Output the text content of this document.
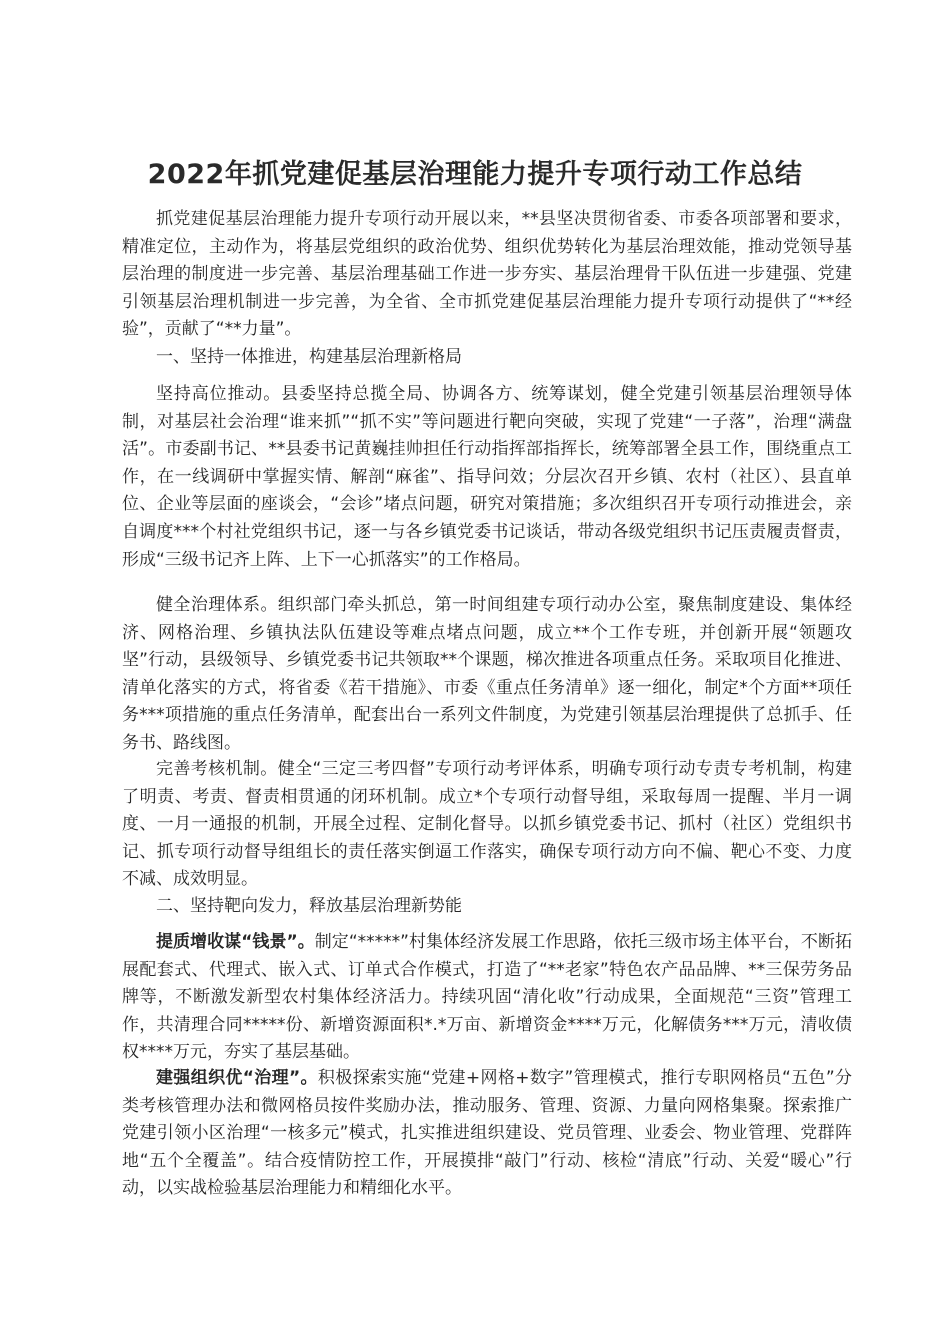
2022年抓党建促基层治理能力提升专项行动工作总结

抓党建促基层治理能力提升专项行动开展以来，**县坚决贯彻省委、市委各项部署和要求，精准定位，主动作为，将基层党组织的政治优势、组织优势转化为基层治理效能，推动党领导基层治理的制度进一步完善、基层治理基础工作进一步夯实、基层治理骨干队伍进一步建强、党建引领基层治理机制进一步完善，为全省、全市抓党建促基层治理能力提升专项行动提供了“**经验”，贡献了“**力量”。

一、坚持一体推进，构建基层治理新格局

坚持高位推动。县委坚持总揽全局、协调各方、统筹谋划，健全党建引领基层治理领导体制，对基层社会治理“谁来抓”“抓不实”等问题进行靶向突破，实现了党建“一子落”，治理“满盘活”。市委副书记、**县委书记黄巍挂帅担任行动指挥部指挥长，统筹部署全县工作，围绕重点工作，在一线调研中掌握实情、解剖“麻雀”、指导问效；分层次召开乡镇、农村（社区）、县直单位、企业等层面的座谈会，“会诊”堵点问题，研究对策措施；多次组织召开专项行动推进会，亲自调度***个村社党组织书记，逐一与各乡镇党委书记谈话，带动各级党组织书记压责履责督责，形成“三级书记齐上阵、上下一心抓落实”的工作格局。

健全治理体系。组织部门牵头抓总，第一时间组建专项行动办公室，聚焦制度建设、集体经济、网格治理、乡镇执法队伍建设等难点堵点问题，成立**个工作专班，并创新开展“领题攻坚”行动，县级领导、乡镇党委书记共领取**个课题，梯次推进各项重点任务。采取项目化推进、清单化落实的方式，将省委《若干措施》、市委《重点任务清单》逐一细化，制定*个方面**项任务***项措施的重点任务清单，配套出台一系列文件制度，为党建引领基层治理提供了总抓手、任务书、路线图。

完善考核机制。健全“三定三考四督”专项行动考评体系，明确专项行动专责专考机制，构建了明责、考责、督责相贯通的闭环机制。成立*个专项行动督导组，采取每周一提醒、半月一调度、一月一通报的机制，开展全过程、定制化督导。以抓乡镇党委书记、抓村（社区）党组织书记、抓专项行动督导组组长的责任落实倒逼工作落实，确保专项行动方向不偏、靶心不变、力度不减、成效明显。

二、坚持靶向发力，释放基层治理新势能

提质增收谋“钱景”。制定“*****”村集体经济发展工作思路，依托三级市场主体平台，不断拓展配套式、代理式、嵌入式、订单式合作模式，打造了“**老家”特色农产品品牌、**三保劳务品牌等，不断激发新型农村集体经济活力。持续巩固“清化收”行动成果，全面规范“三资”管理工作，共清理合同*****份、新增资源面积*.*万亩、新增资金****万元，化解债务***万元，清收债权****万元，夯实了基层基础。

建强组织优“治理”。积极探索实施“党建+网格+数字”管理模式，推行专职网格员“五色”分类考核管理办法和微网格员按件奖励办法，推动服务、管理、资源、力量向网格集聚。探索推广党建引领小区治理“一核多元”模式，扎实推进组织建设、党员管理、业委会、物业管理、党群阵地“五个全覆盖”。结合疫情防控工作，开展摸排“敲门”行动、核检“清底”行动、关爱“暖心”行动，以实战检验基层治理能力和精细化水平。
